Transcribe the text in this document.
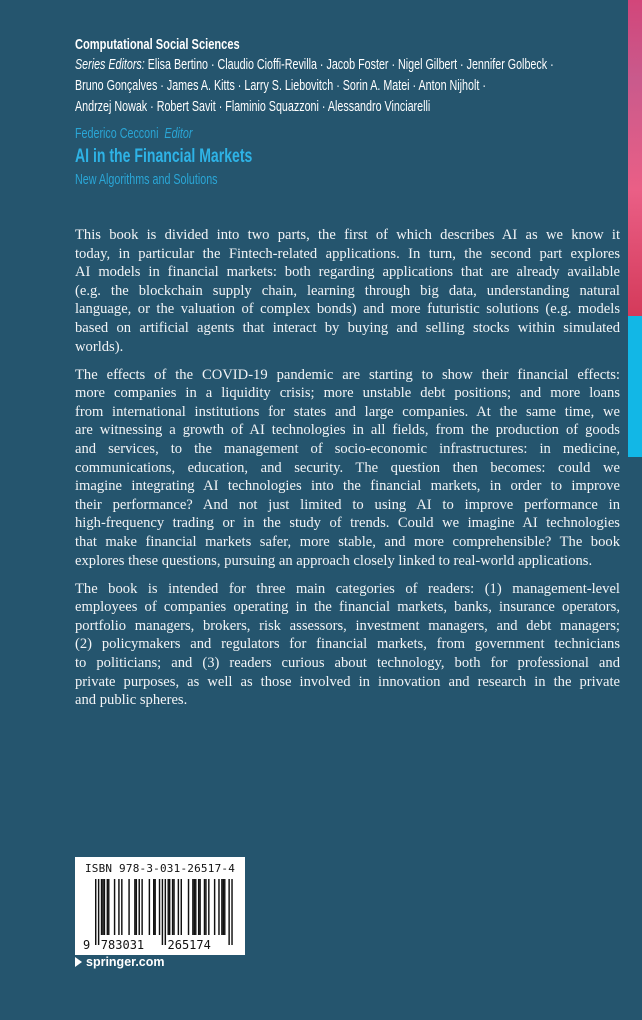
Computational Social Sciences
Series Editors: Elisa Bertino · Claudio Cioffi-Revilla · Jacob Foster · Nigel Gilbert · Jennifer Golbeck ·
Bruno Gonçalves · James A. Kitts · Larry S. Liebovitch · Sorin A. Matei · Anton Nijholt ·
Andrzej Nowak · Robert Savit · Flaminio Squazzoni · Alessandro Vinciarelli
Federico Cecconi Editor
AI in the Financial Markets
New Algorithms and Solutions
This book is divided into two parts, the first of which describes AI as we know it
today, in particular the Fintech-related applications. In turn, the second part explores
AI models in financial markets: both regarding applications that are already available
(e.g. the blockchain supply chain, learning through big data, understanding natural
language, or the valuation of complex bonds) and more futuristic solutions (e.g. models
based on artificial agents that interact by buying and selling stocks within simulated
worlds).
The effects of the COVID-19 pandemic are starting to show their financial effects:
more companies in a liquidity crisis; more unstable debt positions; and more loans
from international institutions for states and large companies. At the same time, we
are witnessing a growth of AI technologies in all fields, from the production of goods
and services, to the management of socio-economic infrastructures: in medicine,
communications, education, and security. The question then becomes: could we
imagine integrating AI technologies into the financial markets, in order to improve
their performance? And not just limited to using AI to improve performance in
high-frequency trading or in the study of trends. Could we imagine AI technologies
that make financial markets safer, more stable, and more comprehensible? The book
explores these questions, pursuing an approach closely linked to real-world applications.
The book is intended for three main categories of readers: (1) management-level
employees of companies operating in the financial markets, banks, insurance operators,
portfolio managers, brokers, risk assessors, investment managers, and debt managers;
(2) policymakers and regulators for financial markets, from government technicians
to politicians; and (3) readers curious about technology, both for professional and
private purposes, as well as those involved in innovation and research in the private
and public spheres.
ISBN 978-3-031-26517-4
9 783031 265174
springer.com
